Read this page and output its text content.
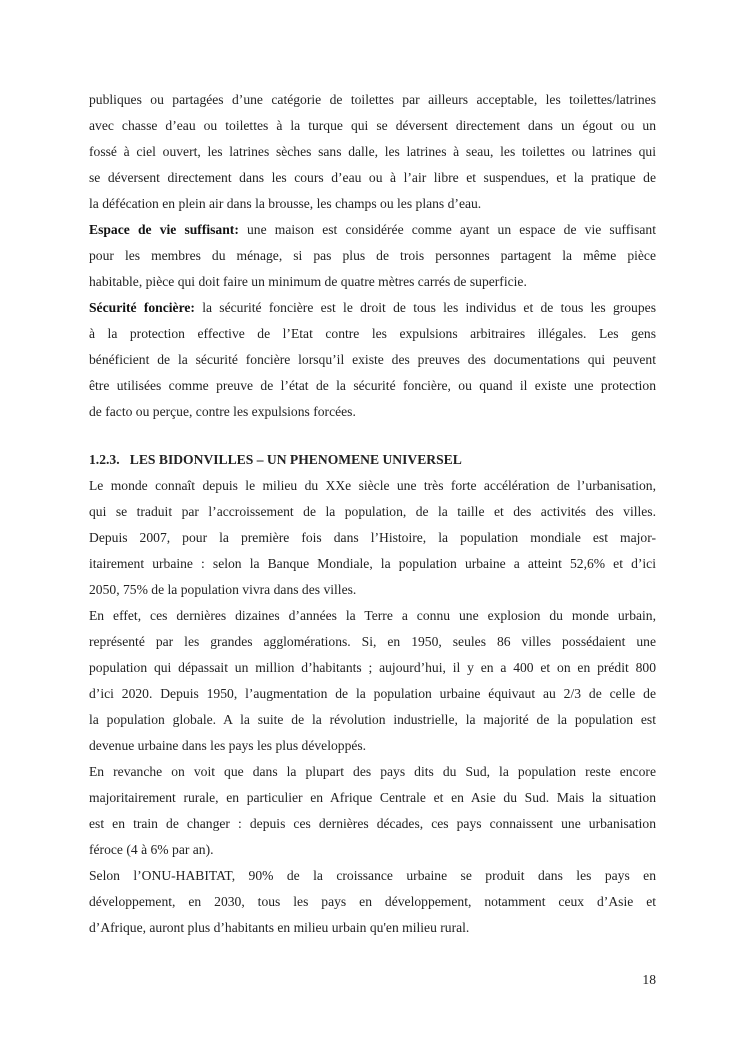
publiques ou partagées d’une catégorie de toilettes par ailleurs acceptable, les toilettes/latrines
avec chasse d’eau ou toilettes à la turque qui se déversent directement dans un égout ou un
fossé à ciel ouvert, les latrines sèches sans dalle, les latrines à seau, les toilettes ou latrines qui
se déversent directement dans les cours d’eau ou à l’air libre et suspendues, et la pratique de
la défécation en plein air dans la brousse, les champs ou les plans d’eau.
Espace de vie suffisant: une maison est considérée comme ayant un espace de vie suffisant
pour les membres du ménage, si pas plus de trois personnes partagent la même pièce
habitable, pièce qui doit faire un minimum de quatre mètres carrés de superficie.
Sécurité foncière: la sécurité foncière est le droit de tous les individus et de tous les groupes
à la protection effective de l’Etat contre les expulsions arbitraires illégales. Les gens
bénéficient de la sécurité foncière lorsqu’il existe des preuves des documentations qui peuvent
être utilisées comme preuve de l’état de la sécurité foncière, ou quand il existe une protection
de facto ou perçue, contre les expulsions forcées.
1.2.3.   LES BIDONVILLES – UN PHENOMENE UNIVERSEL
Le monde connaît depuis le milieu du XXe siècle une très forte accélération de l’urbanisation,
qui se traduit par l’accroissement de la population, de la taille et des activités des villes.
Depuis 2007, pour la première fois dans l’Histoire, la population mondiale est major-
itairement urbaine : selon la Banque Mondiale, la population urbaine a atteint 52,6% et d’ici
2050, 75% de la population vivra dans des villes.
En effet, ces dernières dizaines d’années la Terre a connu une explosion du monde urbain,
représenté par les grandes agglomérations. Si, en 1950, seules 86 villes possédaient une
population qui dépassait un million d’habitants ; aujourd’hui, il y en a 400 et on en prédit 800
d’ici 2020. Depuis 1950, l’augmentation de la population urbaine équivaut au 2/3 de celle de
la population globale. A la suite de la révolution industrielle, la majorité de la population est
devenue urbaine dans les pays les plus développés.
En revanche on voit que dans la plupart des pays dits du Sud, la population reste encore
majoritairement rurale, en particulier en Afrique Centrale et en Asie du Sud. Mais la situation
est en train de changer : depuis ces dernières décades, ces pays connaissent une urbanisation
féroce (4 à 6% par an).
Selon l’ONU-HABITAT, 90% de la croissance urbaine se produit dans les pays en
développement, en 2030, tous les pays en développement, notamment ceux d’Asie et
d’Afrique, auront plus d’habitants en milieu urbain qu'en milieu rural.
18
